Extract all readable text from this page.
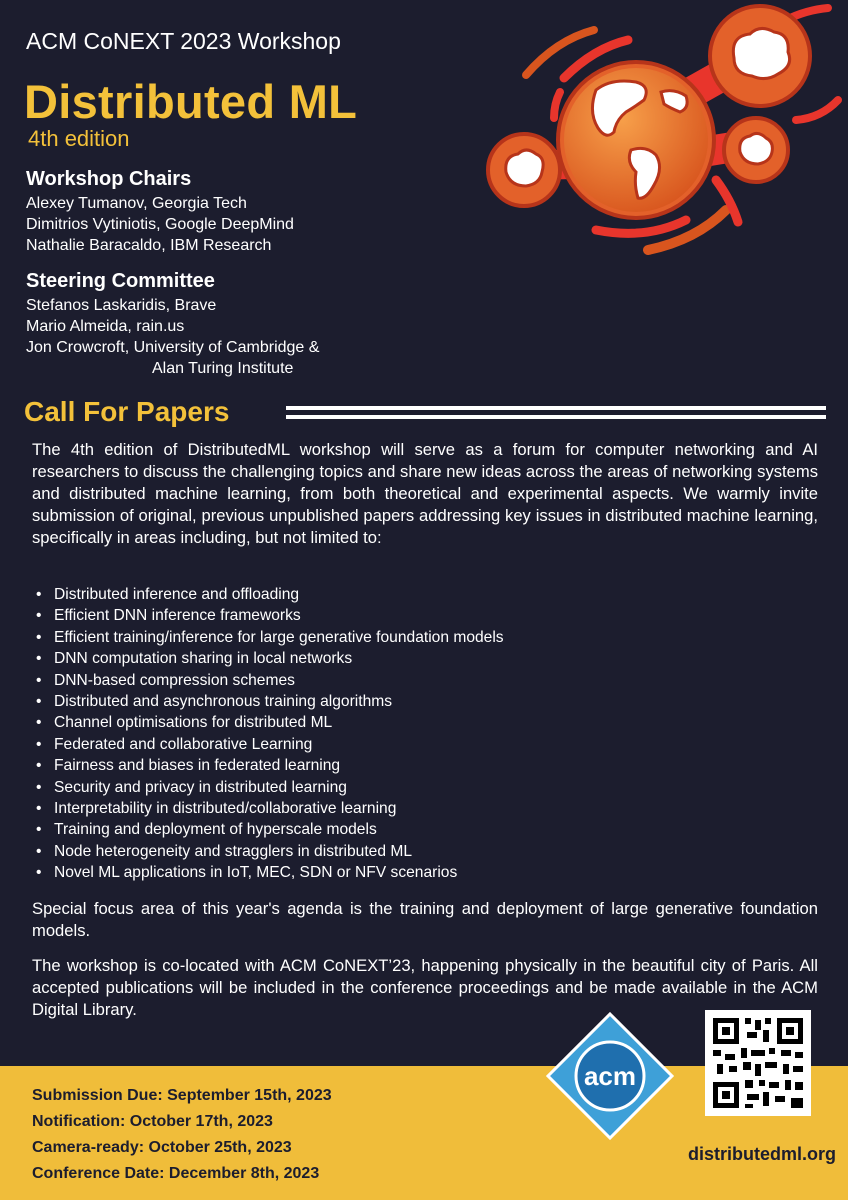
ACM CoNEXT 2023 Workshop
Distributed ML
4th edition
Workshop Chairs
Alexey Tumanov, Georgia Tech
Dimitrios Vytiniotis, Google DeepMind
Nathalie Baracaldo, IBM Research
Steering Committee
Stefanos Laskaridis, Brave
Mario Almeida, rain.us
Jon Crowcroft, University of Cambridge &
Alan Turing Institute
Call For Papers
The 4th edition of DistributedML workshop will serve as a forum for computer networking and AI researchers to discuss the challenging topics and share new ideas across the areas of networking systems and distributed machine learning, from both theoretical and experimental aspects. We warmly invite submission of original, previous unpublished papers addressing key issues in distributed machine learning, specifically in areas including, but not limited to:
• Distributed inference and offloading
• Efficient DNN inference frameworks
• Efficient training/inference for large generative foundation models
• DNN computation sharing in local networks
• DNN-based compression schemes
• Distributed and asynchronous training algorithms
• Channel optimisations for distributed ML
• Federated and collaborative Learning
• Fairness and biases in federated learning
• Security and privacy in distributed learning
• Interpretability in distributed/collaborative learning
• Training and deployment of hyperscale models
• Node heterogeneity and stragglers in distributed ML
• Novel ML applications in IoT, MEC, SDN or NFV scenarios
Special focus area of this year's agenda is the training and deployment of large generative foundation models.
The workshop is co-located with ACM CoNEXT’23, happening physically in the beautiful city of Paris. All accepted publications will be included in the conference proceedings and be made available in the ACM Digital Library.
acm
Submission Due: September 15th, 2023
Notification: October 17th, 2023
Camera-ready: October 25th, 2023
Conference Date: December 8th, 2023
distributedml.org
